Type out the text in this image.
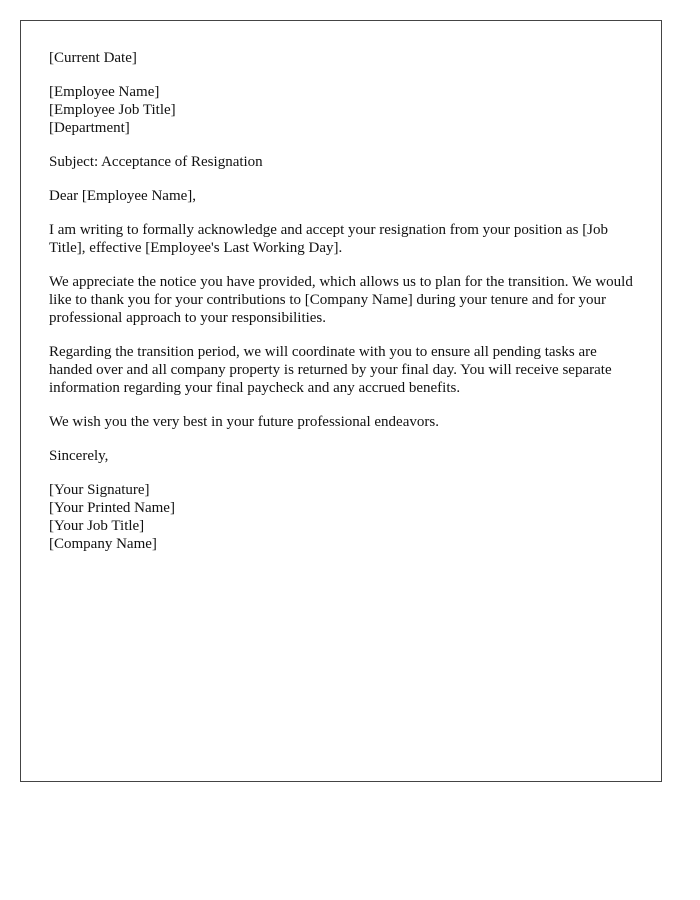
[Current Date]

[Employee Name]
[Employee Job Title]
[Department]

Subject: Acceptance of Resignation

Dear [Employee Name],

I am writing to formally acknowledge and accept your resignation from your position as [Job Title], effective [Employee's Last Working Day].

We appreciate the notice you have provided, which allows us to plan for the transition. We would like to thank you for your contributions to [Company Name] during your tenure and for your professional approach to your responsibilities.

Regarding the transition period, we will coordinate with you to ensure all pending tasks are handed over and all company property is returned by your final day. You will receive separate information regarding your final paycheck and any accrued benefits.

We wish you the very best in your future professional endeavors.

Sincerely,

[Your Signature]
[Your Printed Name]
[Your Job Title]
[Company Name]
